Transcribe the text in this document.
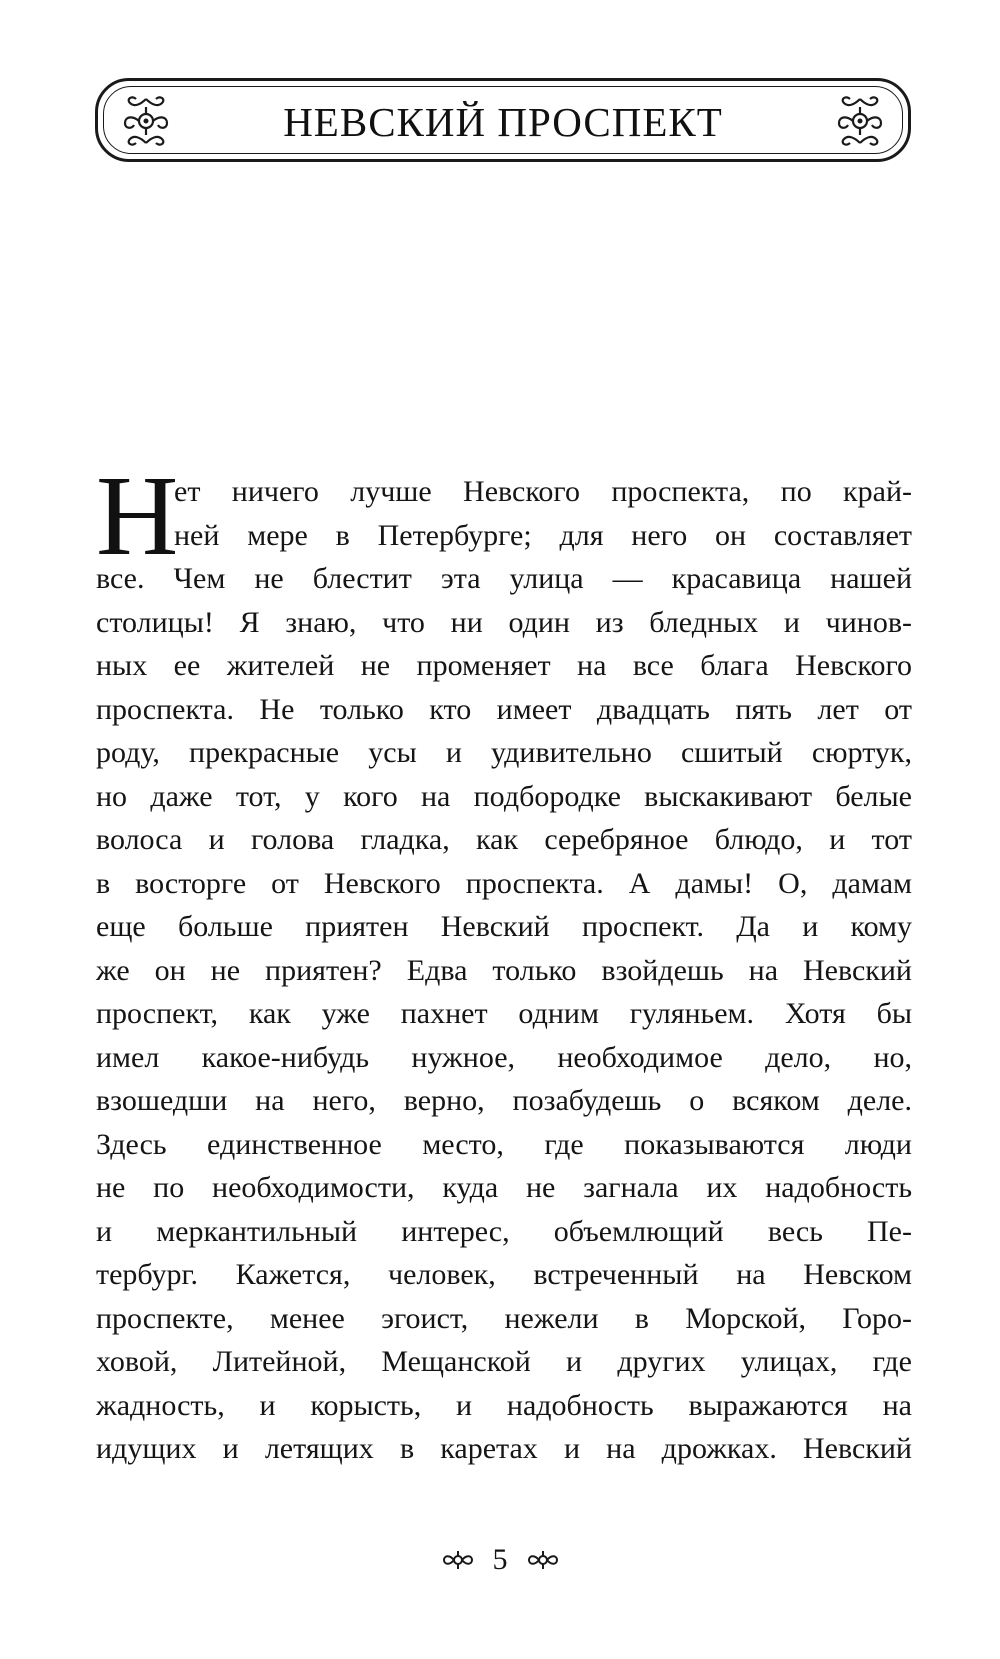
НЕВСКИЙ ПРОСПЕКТ
Н
ет ничего лучше Невского проспекта, по край-
ней мере в Петербурге; для него он составляет
все. Чем не блестит эта улица — красавица нашей
столицы! Я знаю, что ни один из бледных и чинов-
ных ее жителей не променяет на все блага Невского
проспекта. Не только кто имеет двадцать пять лет от
роду, прекрасные усы и удивительно сшитый сюртук,
но даже тот, у кого на подбородке выскакивают белые
волоса и голова гладка, как серебряное блюдо, и тот
в восторге от Невского проспекта. А дамы! О, дамам
еще больше приятен Невский проспект. Да и кому
же он не приятен? Едва только взойдешь на Невский
проспект, как уже пахнет одним гуляньем. Хотя бы
имел какое-нибудь нужное, необходимое дело, но,
взошедши на него, верно, позабудешь о всяком деле.
Здесь единственное место, где показываются люди
не по необходимости, куда не загнала их надобность
и меркантильный интерес, объемлющий весь Пе-
тербург. Кажется, человек, встреченный на Невском
проспекте, менее эгоист, нежели в Морской, Горо-
ховой, Литейной, Мещанской и других улицах, где
жадность, и корысть, и надобность выражаются на
идущих и летящих в каретах и на дрожках. Невский
5
